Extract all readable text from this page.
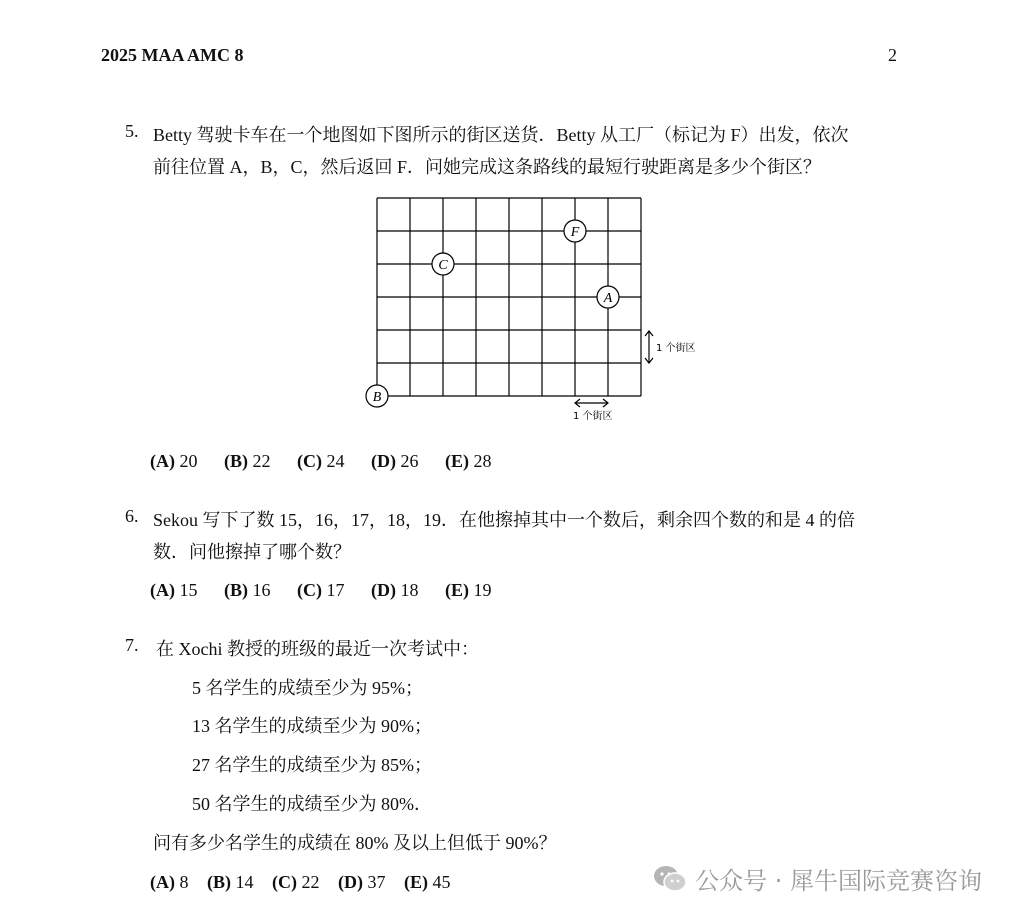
2025 MAA AMC 8	2
5. Betty 驾驶卡车在一个地图如下图所示的街区送货．Betty 从工厂（标记为 F）出发，依次
前往位置 A，B，C，然后返回 F．问她完成这条路线的最短行驶距离是多少个街区？
F
C
A
B
1 个街区
1 个街区
(A) 20 (B) 22 (C) 24 (D) 26 (E) 28
6. Sekou 写下了数 15，16，17，18，19．在他擦掉其中一个数后，剩余四个数的和是 4 的倍
数．问他擦掉了哪个数？
(A) 15 (B) 16 (C) 17 (D) 18 (E) 19
7. 在 Xochi 教授的班级的最近一次考试中：
5 名学生的成绩至少为 95%；
13 名学生的成绩至少为 90%；
27 名学生的成绩至少为 85%；
50 名学生的成绩至少为 80%．
问有多少名学生的成绩在 80% 及以上但低于 90%？
(A) 8 (B) 14 (C) 22 (D) 37 (E) 45	公众号 · 犀牛国际竞赛咨询
